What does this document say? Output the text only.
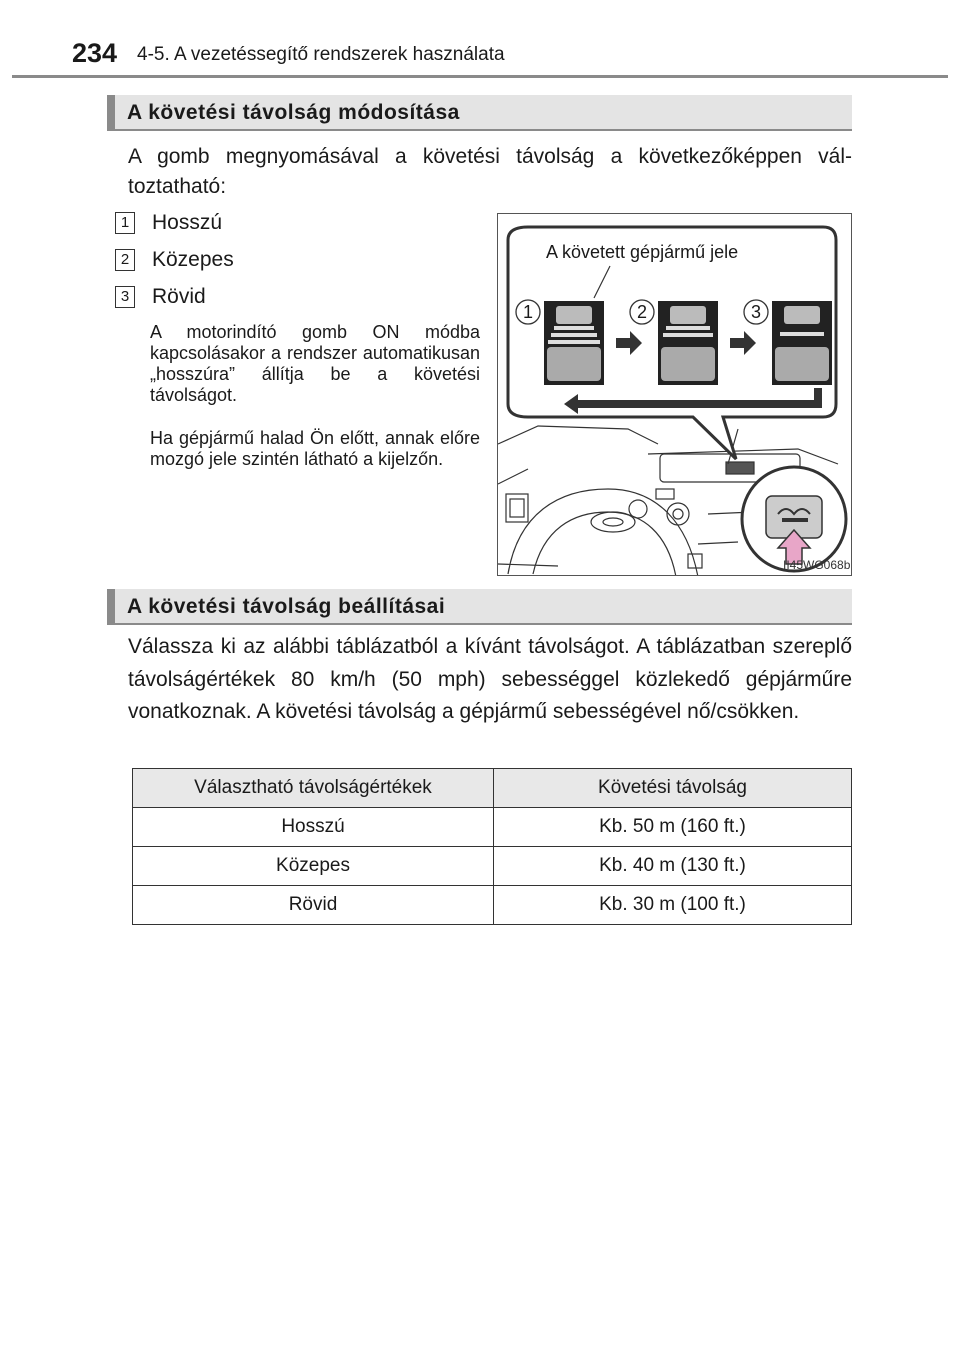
234 4-5. A vezetéssegítő rendszerek használata
A követési távolság módosítása
A gomb megnyomásával a követési távolság a következőképpen vál-
toztatható:
1 Hosszú
2 Közepes
3 Rövid
A motorindító gomb ON módba kapcsolásakor a rendszer automatikusan „hosszúra” állítja be a követési távolságot.
Ha gépjármű halad Ön előtt, annak előre mozgó jele szintén látható a kijelzőn.
A követett gépjármű jele
1	2	3
II45WG068b
A követési távolság beállításai
Válassza ki az alábbi táblázatból a kívánt távolságot. A táblázatban szereplő távolságértékek 80 km/h (50 mph) sebességgel közlekedő gépjárműre vonatkoznak. A követési távolság a gépjármű sebességével nő/csökken.
Választható távolságértékek	Követési távolság
Hosszú	Kb. 50 m (160 ft.)
Közepes	Kb. 40 m (130 ft.)
Rövid	Kb. 30 m (100 ft.)
